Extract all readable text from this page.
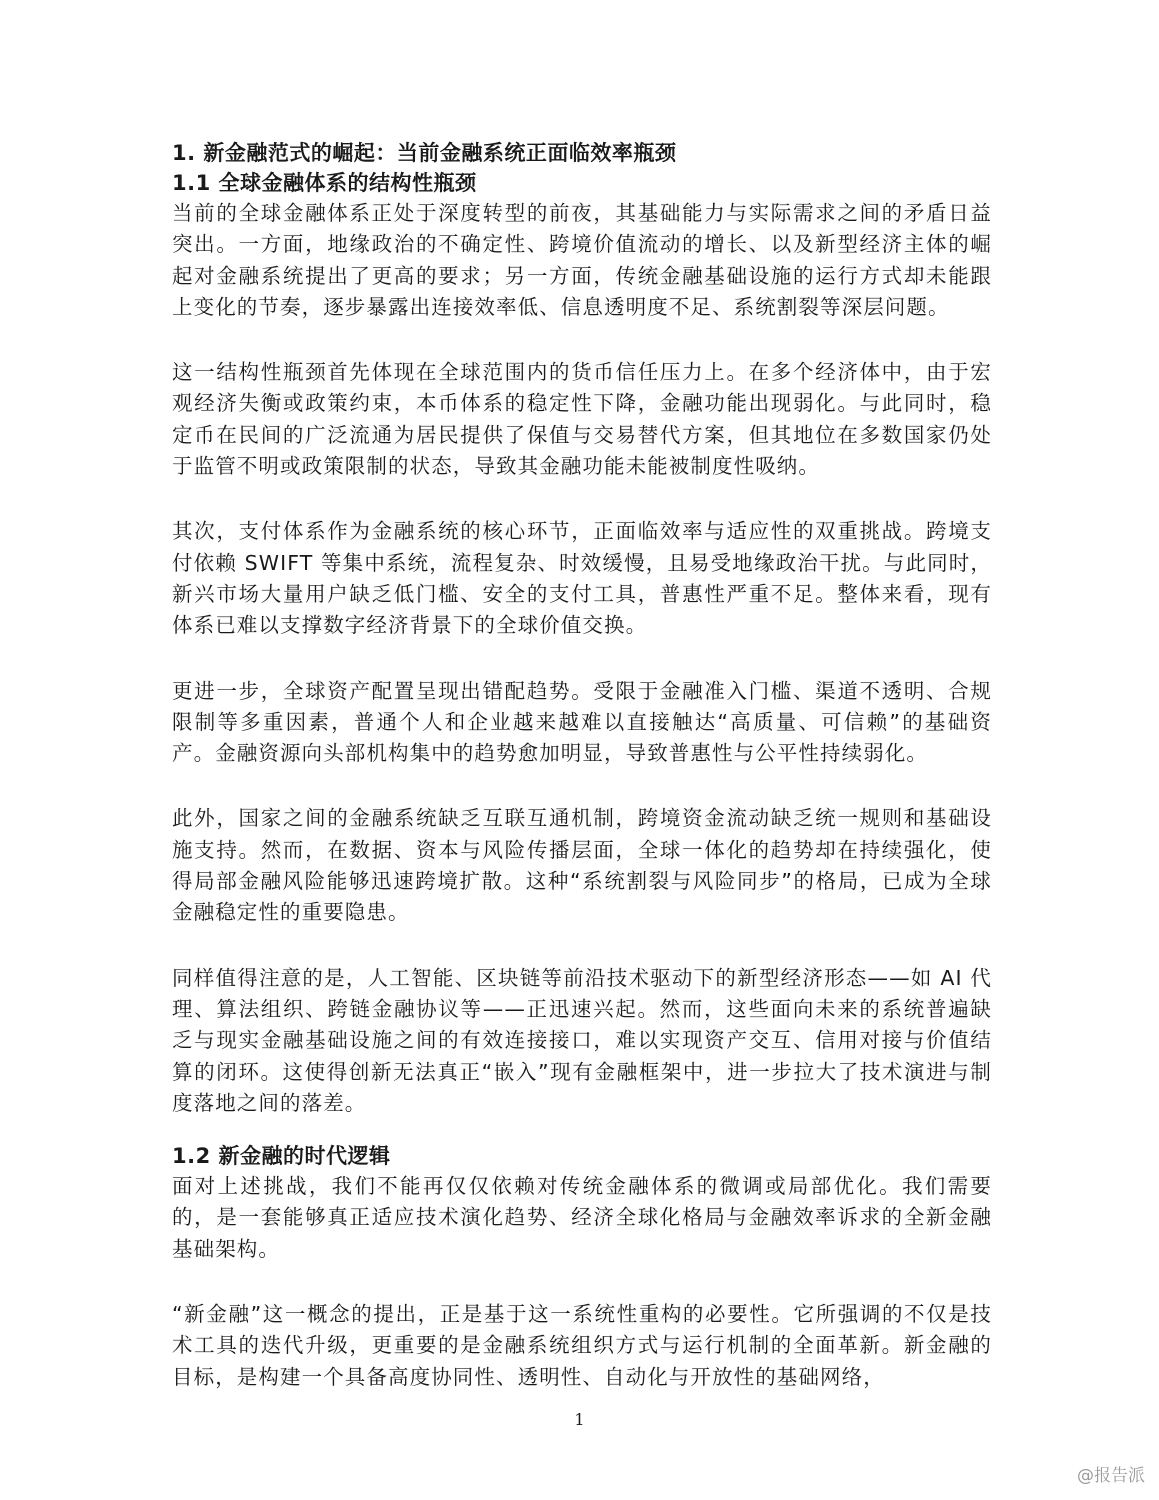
1. 新金融范式的崛起：当前金融系统正面临效率瓶颈
1.1 全球金融体系的结构性瓶颈

当前的全球金融体系正处于深度转型的前夜，其基础能力与实际需求之间的矛盾日益突出。一方面，地缘政治的不确定性、跨境价值流动的增长、以及新型经济主体的崛起对金融系统提出了更高的要求；另一方面，传统金融基础设施的运行方式却未能跟上变化的节奏，逐步暴露出连接效率低、信息透明度不足、系统割裂等深层问题。

这一结构性瓶颈首先体现在全球范围内的货币信任压力上。在多个经济体中，由于宏观经济失衡或政策约束，本币体系的稳定性下降，金融功能出现弱化。与此同时，稳定币在民间的广泛流通为居民提供了保值与交易替代方案，但其地位在多数国家仍处于监管不明或政策限制的状态，导致其金融功能未能被制度性吸纳。

其次，支付体系作为金融系统的核心环节，正面临效率与适应性的双重挑战。跨境支付依赖 SWIFT 等集中系统，流程复杂、时效缓慢，且易受地缘政治干扰。与此同时，新兴市场大量用户缺乏低门槛、安全的支付工具，普惠性严重不足。整体来看，现有体系已难以支撑数字经济背景下的全球价值交换。

更进一步，全球资产配置呈现出错配趋势。受限于金融准入门槛、渠道不透明、合规限制等多重因素，普通个人和企业越来越难以直接触达“高质量、可信赖”的基础资产。金融资源向头部机构集中的趋势愈加明显，导致普惠性与公平性持续弱化。

此外，国家之间的金融系统缺乏互联互通机制，跨境资金流动缺乏统一规则和基础设施支持。然而，在数据、资本与风险传播层面，全球一体化的趋势却在持续强化，使得局部金融风险能够迅速跨境扩散。这种“系统割裂与风险同步”的格局，已成为全球金融稳定性的重要隐患。

同样值得注意的是，人工智能、区块链等前沿技术驱动下的新型经济形态——如 AI 代理、算法组织、跨链金融协议等——正迅速兴起。然而，这些面向未来的系统普遍缺乏与现实金融基础设施之间的有效连接接口，难以实现资产交互、信用对接与价值结算的闭环。这使得创新无法真正“嵌入”现有金融框架中，进一步拉大了技术演进与制度落地之间的落差。

1.2 新金融的时代逻辑

面对上述挑战，我们不能再仅仅依赖对传统金融体系的微调或局部优化。我们需要的，是一套能够真正适应技术演化趋势、经济全球化格局与金融效率诉求的全新金融基础架构。

“新金融”这一概念的提出，正是基于这一系统性重构的必要性。它所强调的不仅是技术工具的迭代升级，更重要的是金融系统组织方式与运行机制的全面革新。新金融的目标，是构建一个具备高度协同性、透明性、自动化与开放性的基础网络，

1
@报告派
